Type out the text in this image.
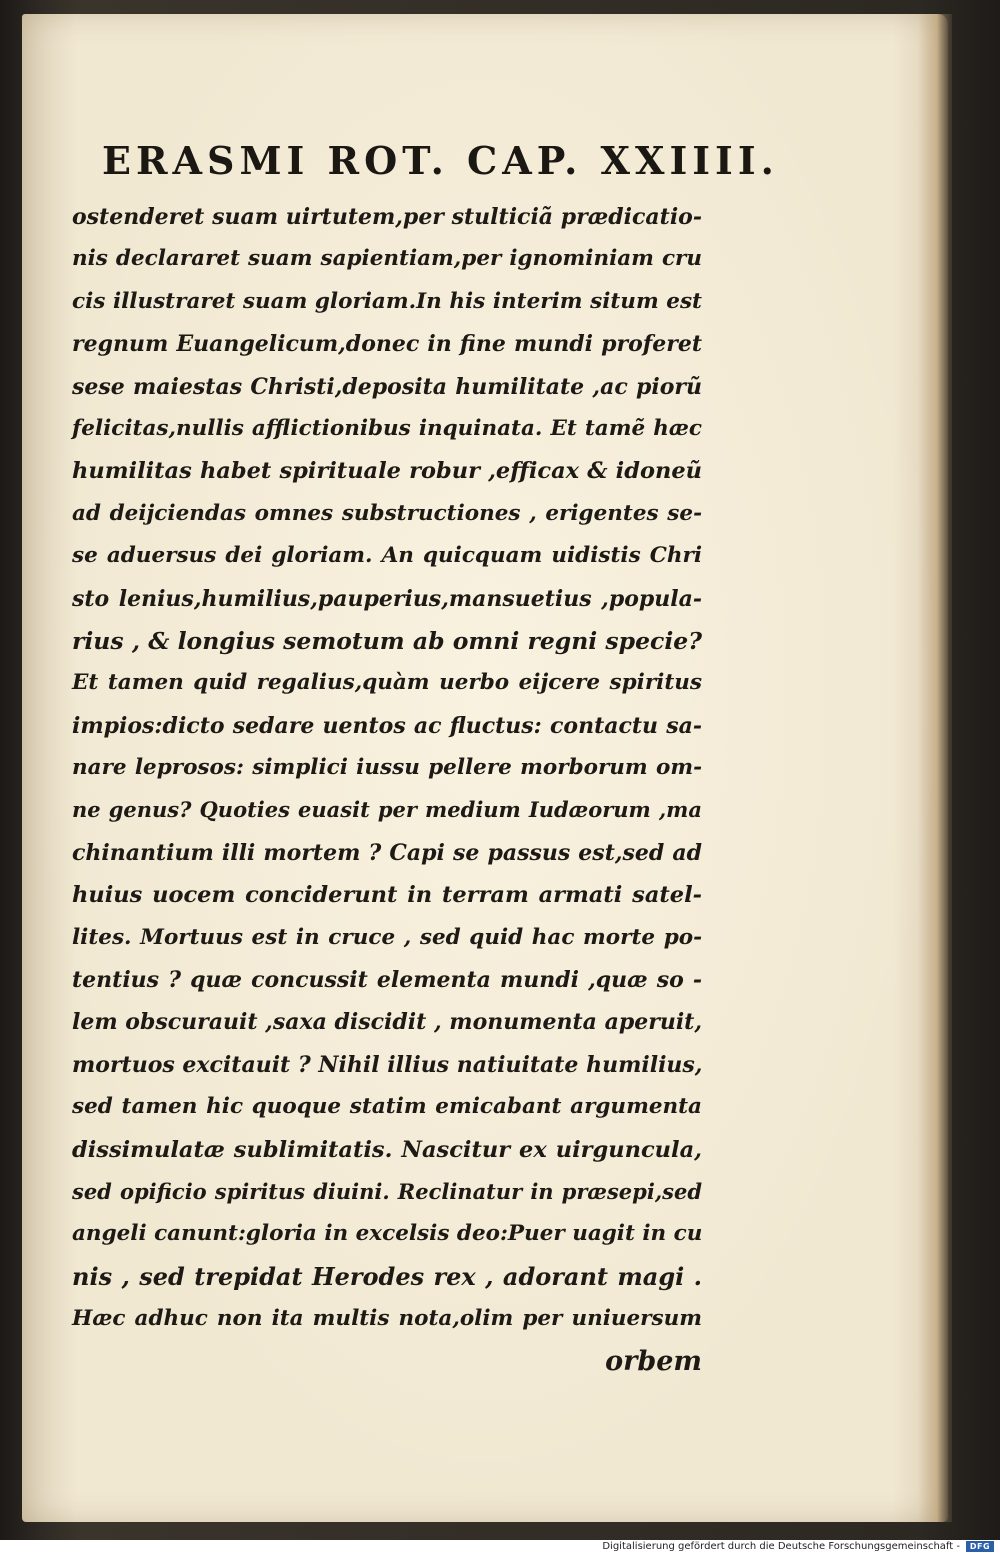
ERASMI ROT. CAP. XXIIII.
ostenderet suam uirtutem,per stulticiã prædicatio-
nis declararet suam sapientiam,per ignominiam cru
cis illustraret suam gloriam.In his interim situm est
regnum Euangelicum,donec in fine mundi proferet
sese maiestas Christi,deposita humilitate ,ac piorũ
felicitas,nullis afflictionibus inquinata. Et tamẽ hæc
humilitas habet spirituale robur ,efficax & idoneũ
ad deijciendas omnes substructiones , erigentes se-
se aduersus dei gloriam. An quicquam uidistis Chri
sto lenius,humilius,pauperius,mansuetius ,popula-
rius , & longius semotum ab omni regni specie?
Et tamen quid regalius,quàm uerbo eijcere spiritus
impios:dicto sedare uentos ac fluctus: contactu sa-
nare leprosos: simplici iussu pellere morborum om-
ne genus? Quoties euasit per medium Iudæorum ,ma
chinantium illi mortem ? Capi se passus est,sed ad
huius uocem conciderunt in terram armati satel-
lites. Mortuus est in cruce , sed quid hac morte po-
tentius ? quæ concussit elementa mundi ,quæ so -
lem obscurauit ,saxa discidit , monumenta aperuit,
mortuos excitauit ? Nihil illius natiuitate humilius,
sed tamen hic quoque statim emicabant argumenta
dissimulatæ sublimitatis. Nascitur ex uirguncula,
sed opificio spiritus diuini. Reclinatur in præsepi,sed
angeli canunt:gloria in excelsis deo:Puer uagit in cu
nis , sed trepidat Herodes rex , adorant magi .
Hæc adhuc non ita multis nota,olim per uniuersum
orbem
Digitalisierung gefördert durch die Deutsche Forschungsgemeinschaft -	DFG
